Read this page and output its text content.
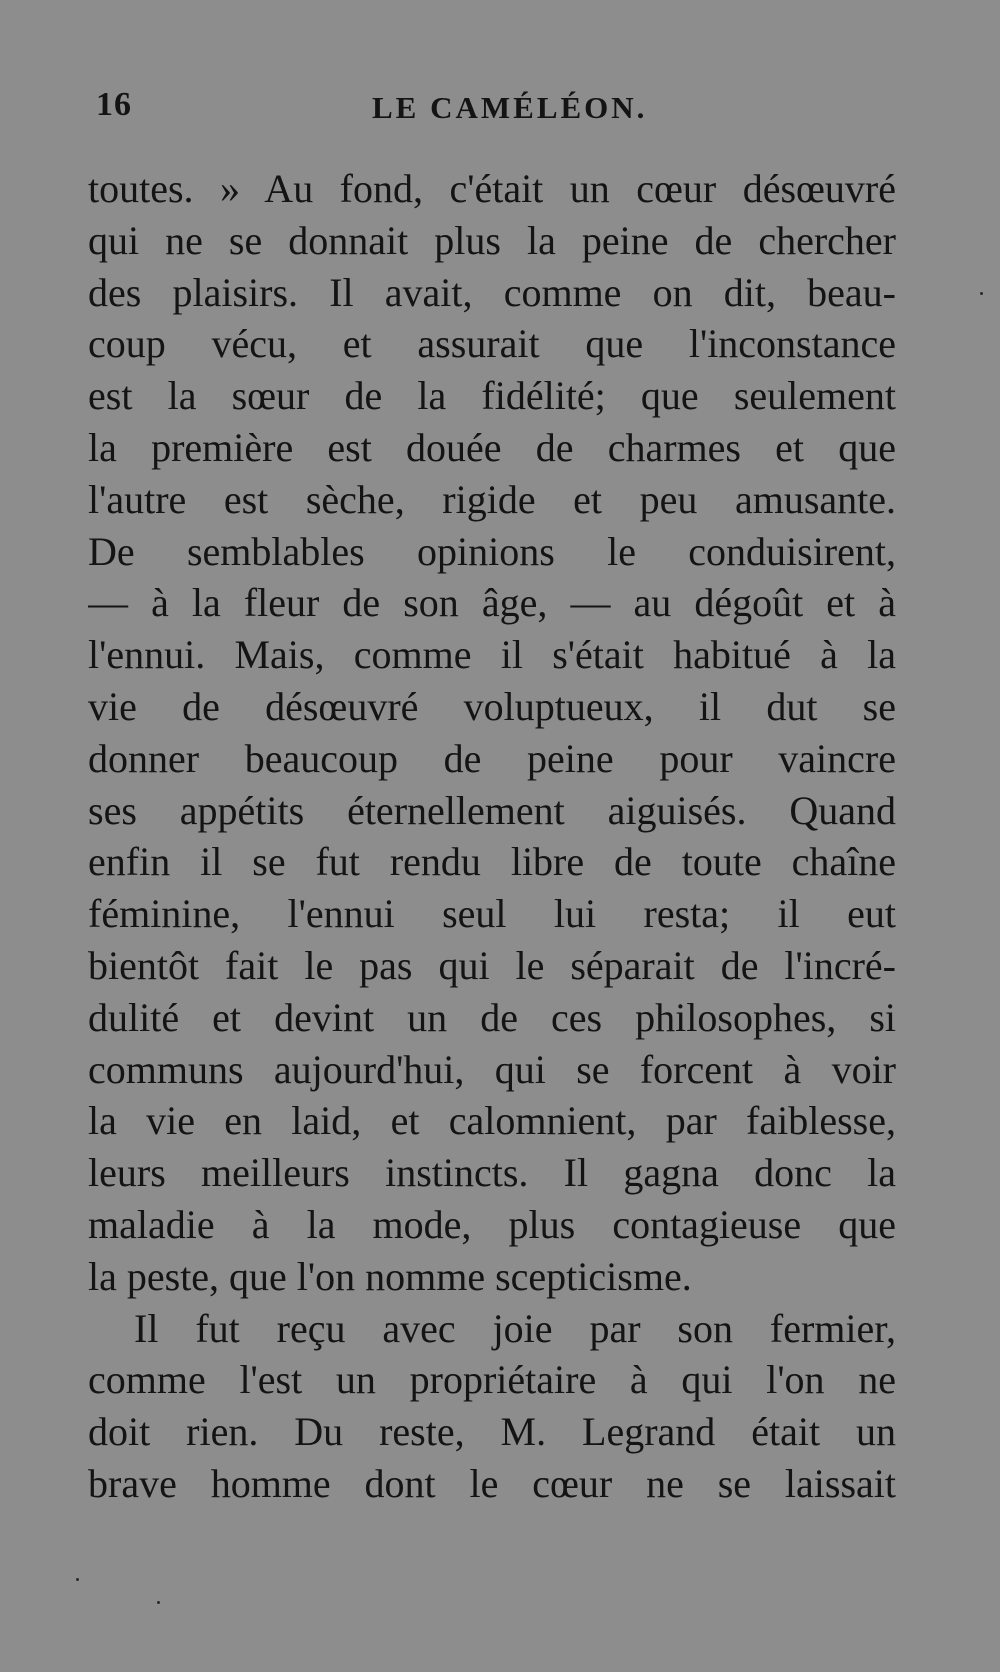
16	LE CAMÉLÉON.
toutes. » Au fond, c'était un cœur désœuvré
qui ne se donnait plus la peine de chercher
des plaisirs. Il avait, comme on dit, beau-
coup vécu, et assurait que l'inconstance
est la sœur de la fidélité; que seulement
la première est douée de charmes et que
l'autre est sèche, rigide et peu amusante.
De semblables opinions le conduisirent,
— à la fleur de son âge, — au dégoût et à
l'ennui. Mais, comme il s'était habitué à la
vie de désœuvré voluptueux, il dut se
donner beaucoup de peine pour vaincre
ses appétits éternellement aiguisés. Quand
enfin il se fut rendu libre de toute chaîne
féminine, l'ennui seul lui resta; il eut
bientôt fait le pas qui le séparait de l'incré-
dulité et devint un de ces philosophes, si
communs aujourd'hui, qui se forcent à voir
la vie en laid, et calomnient, par faiblesse,
leurs meilleurs instincts. Il gagna donc la
maladie à la mode, plus contagieuse que
la peste, que l'on nomme scepticisme.
Il fut reçu avec joie par son fermier,
comme l'est un propriétaire à qui l'on ne
doit rien. Du reste, M. Legrand était un
brave homme dont le cœur ne se laissait
